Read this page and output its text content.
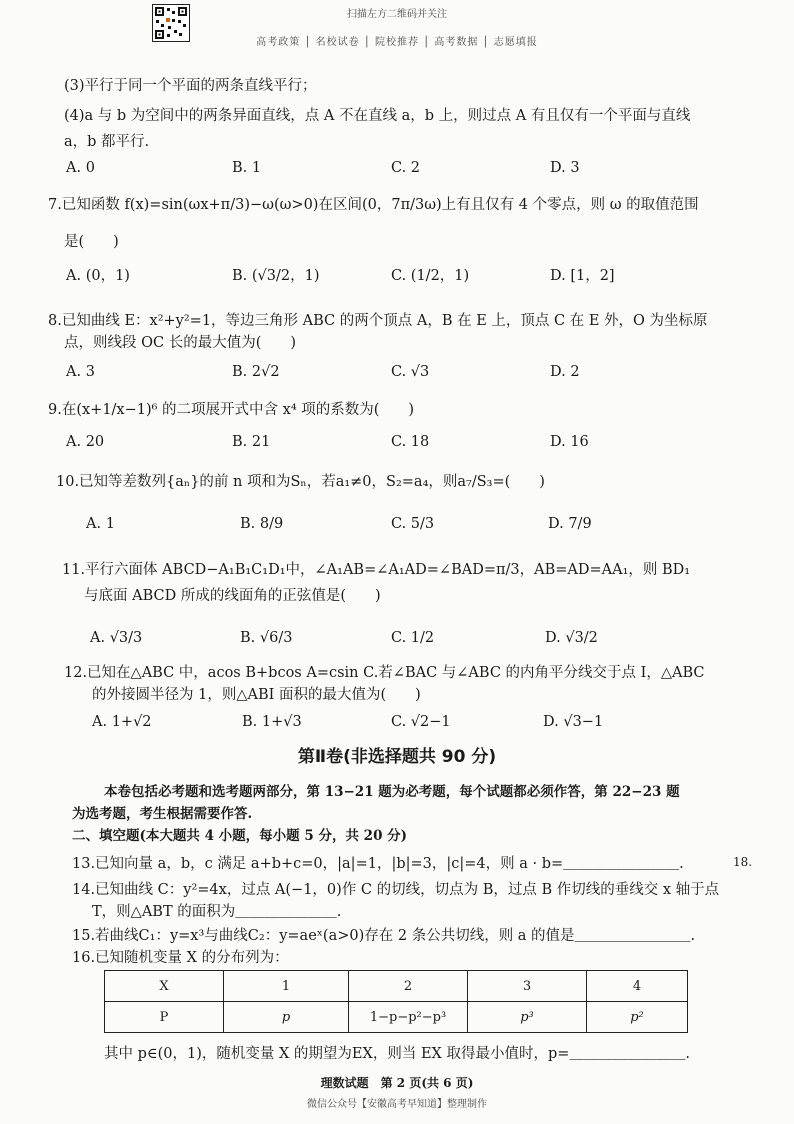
扫描左方二维码并关注
高考政策 │ 名校试卷 │ 院校推荐 │ 高考数据 │ 志愿填报
(3)平行于同一个平面的两条直线平行；
(4)a 与 b 为空间中的两条异面直线，点 A 不在直线 a，b 上，则过点 A 有且仅有一个平面与直线
a，b 都平行.
A. 0	B. 1	C. 2	D. 3
7.已知函数 f(x)=sin(ωx+π/3)−ω(ω>0)在区间(0，7π/3ω)上有且仅有 4 个零点，则 ω 的取值范围
是(　　)
A. (0，1)	B. (√3/2，1)	C. (1/2，1)	D. [1，2]
8.已知曲线 E：x²+y²=1，等边三角形 ABC 的两个顶点 A，B 在 E 上，顶点 C 在 E 外，O 为坐标原
点，则线段 OC 长的最大值为(　　)
A. 3	B. 2√2	C. √3	D. 2
9.在(x+1/x−1)⁶ 的二项展开式中含 x⁴ 项的系数为(　　)
A. 20	B. 21	C. 18	D. 16
10.已知等差数列{aₙ}的前 n 项和为Sₙ，若a₁≠0，S₂=a₄，则a₇/S₃=(　　)
A. 1	B. 8/9	C. 5/3	D. 7/9
11.平行六面体 ABCD−A₁B₁C₁D₁中，∠A₁AB=∠A₁AD=∠BAD=π/3，AB=AD=AA₁，则 BD₁
与底面 ABCD 所成的线面角的正弦值是(　　)
A. √3/3	B. √6/3	C. 1/2	D. √3/2
12.已知在△ABC 中，acos B+bcos A=csin C.若∠BAC 与∠ABC 的内角平分线交于点 I，△ABC
的外接圆半径为 1，则△ABI 面积的最大值为(　　)
A. 1+√2	B. 1+√3	C. √2−1	D. √3−1
第Ⅱ卷(非选择题共 90 分)
本卷包括必考题和选考题两部分，第 13−21 题为必考题，每个试题都必须作答，第 22−23 题
为选考题，考生根据需要作答.
二、填空题(本大题共 4 小题，每小题 5 分，共 20 分)
13.已知向量 a，b，c 满足 a+b+c=0，|a|=1，|b|=3，|c|=4，则 a · b=＿＿＿＿＿＿＿＿.	18.
14.已知曲线 C：y²=4x，过点 A(−1，0)作 C 的切线，切点为 B，过点 B 作切线的垂线交 x 轴于点
T，则△ABT 的面积为＿＿＿＿＿＿＿.
15.若曲线C₁：y=x³与曲线C₂：y=aeˣ(a>0)存在 2 条公共切线，则 a 的值是＿＿＿＿＿＿＿＿.
16.已知随机变量 X 的分布列为：
X	1	2	3	4
P	p	1−p−p²−p³	p³	p²
其中 p∈(0，1)，随机变量 X 的期望为EX，则当 EX 取得最小值时，p=＿＿＿＿＿＿＿＿.
理数试题　第 2 页(共 6 页)
微信公众号【安徽高考早知道】整理制作
